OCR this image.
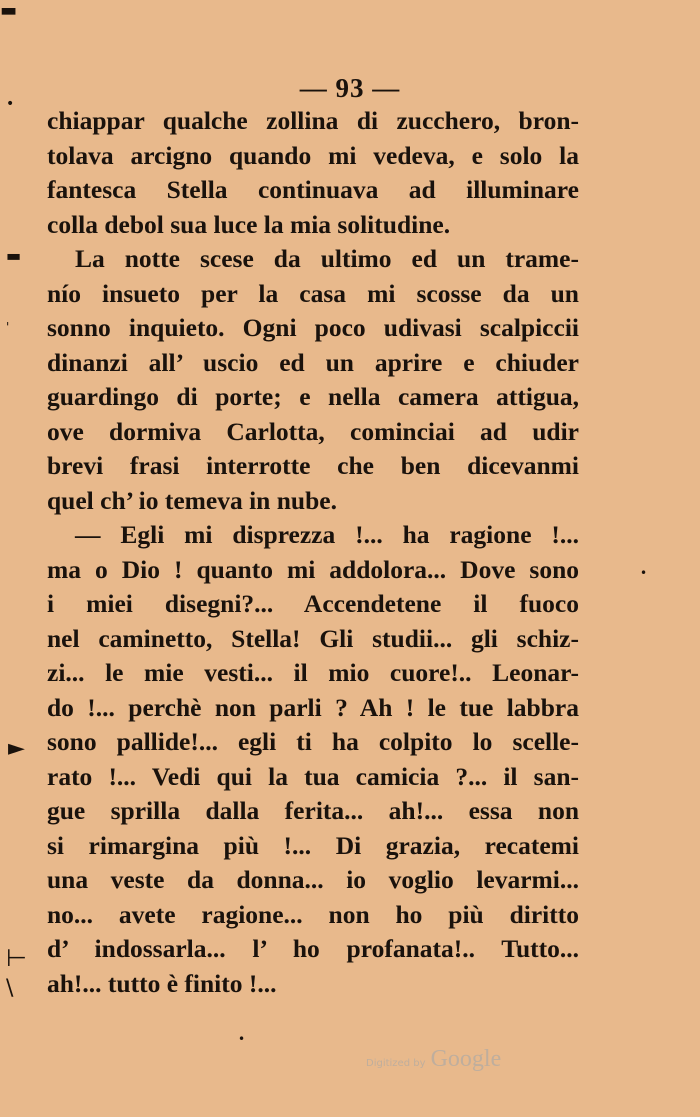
▬
•
▬
'
•
►
⊢
\
•
— 93 —
chiappar qualche zollina di zucchero, bron-
tolava arcigno quando mi vedeva, e solo la
fantesca Stella continuava ad illuminare
colla debol sua luce la mia solitudine.
La notte scese da ultimo ed un trame-
nío insueto per la casa mi scosse da un
sonno inquieto. Ogni poco udivasi scalpiccii
dinanzi all’ uscio ed un aprire e chiuder
guardingo di porte; e nella camera attigua,
ove dormiva Carlotta, cominciai ad udir
brevi frasi interrotte che ben dicevanmi
quel ch’ io temeva in nube.
— Egli mi disprezza !... ha ragione !...
ma o Dio ! quanto mi addolora... Dove sono
i miei disegni?... Accendetene il fuoco
nel caminetto, Stella! Gli studii... gli schiz-
zi... le mie vesti... il mio cuore!.. Leonar-
do !... perchè non parli ? Ah ! le tue labbra
sono pallide!... egli ti ha colpito lo scelle-
rato !... Vedi qui la tua camicia ?... il san-
gue sprilla dalla ferita... ah!... essa non
si rimargina più !... Di grazia, recatemi
una veste da donna... io voglio levarmi...
no... avete ragione... non ho più diritto
d’ indossarla... l’ ho profanata!.. Tutto...
ah!... tutto è finito !...
Digitized by Google
